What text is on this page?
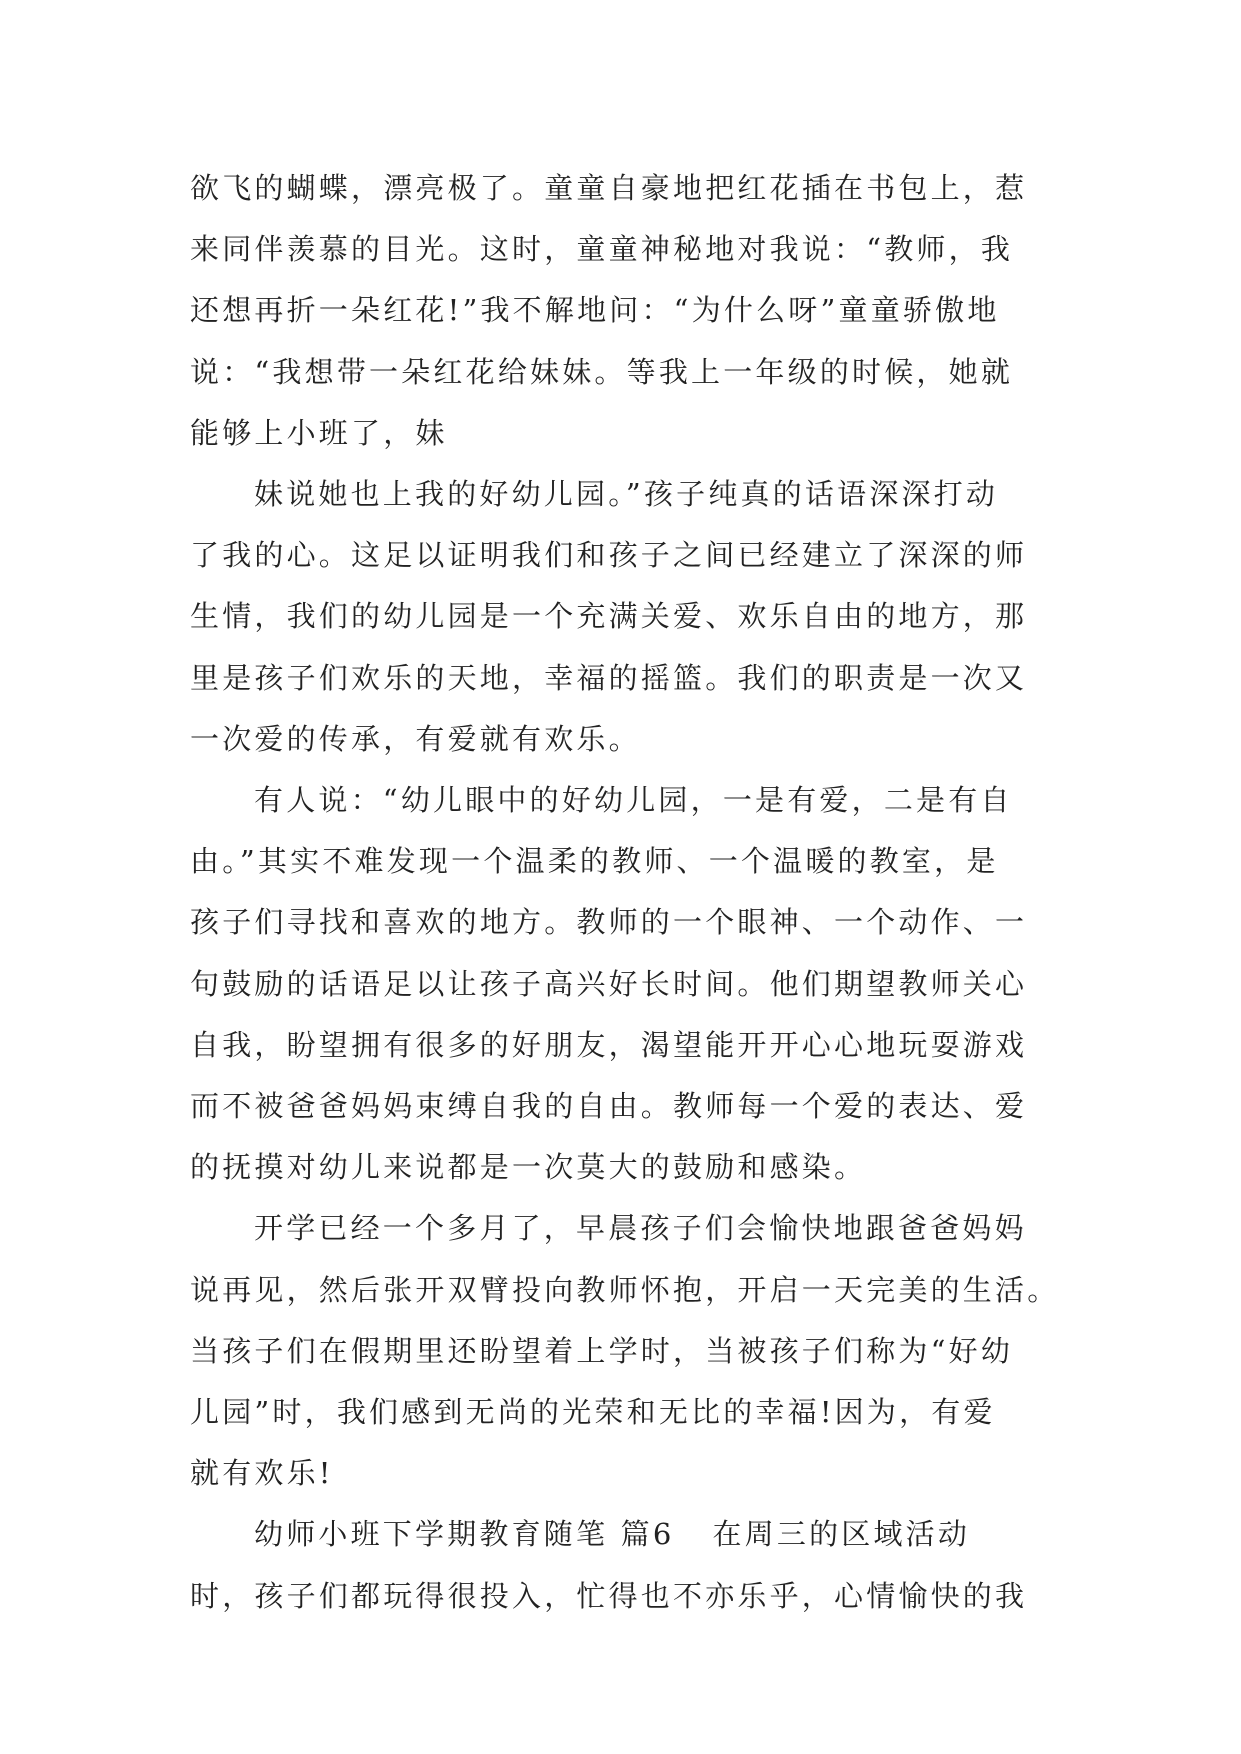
欲飞的蝴蝶，漂亮极了。童童自豪地把红花插在书包上，惹
来同伴羡慕的目光。这时，童童神秘地对我说：“教师，我
还想再折一朵红花!”我不解地问：“为什么呀”童童骄傲地
说：“我想带一朵红花给妹妹。等我上一年级的时候，她就
能够上小班了，妹

妹说她也上我的好幼儿园。”孩子纯真的话语深深打动
了我的心。这足以证明我们和孩子之间已经建立了深深的师
生情，我们的幼儿园是一个充满关爱、欢乐自由的地方，那
里是孩子们欢乐的天地，幸福的摇篮。我们的职责是一次又
一次爱的传承，有爱就有欢乐。

有人说：“幼儿眼中的好幼儿园，一是有爱，二是有自
由。”其实不难发现一个温柔的教师、一个温暖的教室，是
孩子们寻找和喜欢的地方。教师的一个眼神、一个动作、一
句鼓励的话语足以让孩子高兴好长时间。他们期望教师关心
自我，盼望拥有很多的好朋友，渴望能开开心心地玩耍游戏
而不被爸爸妈妈束缚自我的自由。教师每一个爱的表达、爱
的抚摸对幼儿来说都是一次莫大的鼓励和感染。

开学已经一个多月了，早晨孩子们会愉快地跟爸爸妈妈
说再见，然后张开双臂投向教师怀抱，开启一天完美的生活。
当孩子们在假期里还盼望着上学时，当被孩子们称为“好幼
儿园”时，我们感到无尚的光荣和无比的幸福!因为，有爱
就有欢乐!

幼师小班下学期教育随笔 篇6 在周三的区域活动
时，孩子们都玩得很投入，忙得也不亦乐乎，心情愉快的我
